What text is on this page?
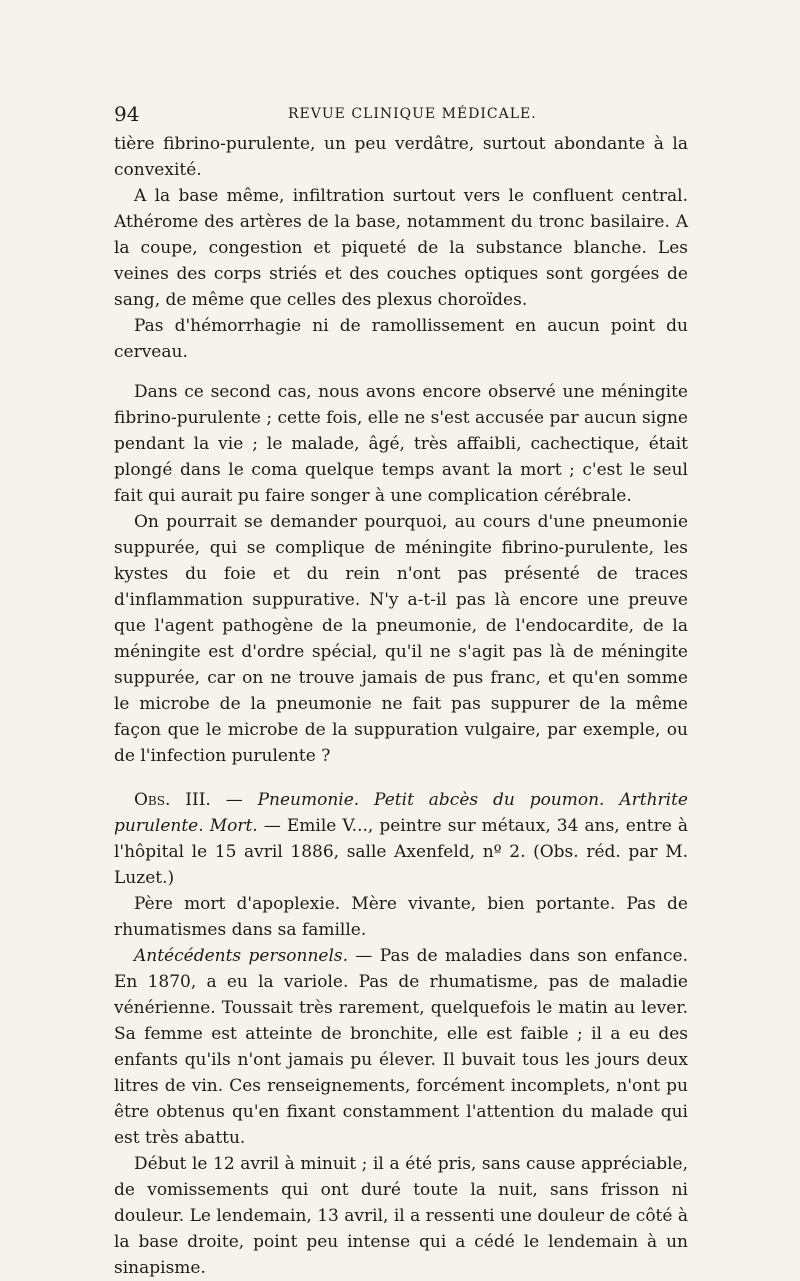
94	REVUE CLINIQUE MÉDICALE.

tière fibrino-purulente, un peu verdâtre, surtout abondante à la convexité.

A la base même, infiltration surtout vers le confluent central. Athérome des artères de la base, notamment du tronc basilaire. A la coupe, congestion et piqueté de la substance blanche. Les veines des corps striés et des couches optiques sont gorgées de sang, de même que celles des plexus choroïdes.

Pas d'hémorrhagie ni de ramollissement en aucun point du cerveau.

Dans ce second cas, nous avons encore observé une méningite fibrino-purulente ; cette fois, elle ne s'est accusée par aucun signe pendant la vie ; le malade, âgé, très affaibli, cachectique, était plongé dans le coma quelque temps avant la mort ; c'est le seul fait qui aurait pu faire songer à une complication cérébrale.

On pourrait se demander pourquoi, au cours d'une pneumonie suppurée, qui se complique de méningite fibrino-purulente, les kystes du foie et du rein n'ont pas présenté de traces d'inflammation suppurative. N'y a-t-il pas là encore une preuve que l'agent pathogène de la pneumonie, de l'endocardite, de la méningite est d'ordre spécial, qu'il ne s'agit pas là de méningite suppurée, car on ne trouve jamais de pus franc, et qu'en somme le microbe de la pneumonie ne fait pas suppurer de la même façon que le microbe de la suppuration vulgaire, par exemple, ou de l'infection purulente ?

Obs. III. — Pneumonie. Petit abcès du poumon. Arthrite purulente. Mort. — Emile V..., peintre sur métaux, 34 ans, entre à l'hôpital le 15 avril 1886, salle Axenfeld, nº 2. (Obs. réd. par M. Luzet.)

Père mort d'apoplexie. Mère vivante, bien portante. Pas de rhumatismes dans sa famille.

Antécédents personnels. — Pas de maladies dans son enfance. En 1870, a eu la variole. Pas de rhumatisme, pas de maladie vénérienne. Toussait très rarement, quelquefois le matin au lever. Sa femme est atteinte de bronchite, elle est faible ; il a eu des enfants qu'ils n'ont jamais pu élever. Il buvait tous les jours deux litres de vin. Ces renseignements, forcément incomplets, n'ont pu être obtenus qu'en fixant constamment l'attention du malade qui est très abattu.

Début le 12 avril à minuit ; il a été pris, sans cause appréciable, de vomissements qui ont duré toute la nuit, sans frisson ni douleur. Le lendemain, 13 avril, il a ressenti une douleur de côté à la base droite, point peu intense qui a cédé le lendemain à un sinapisme.
